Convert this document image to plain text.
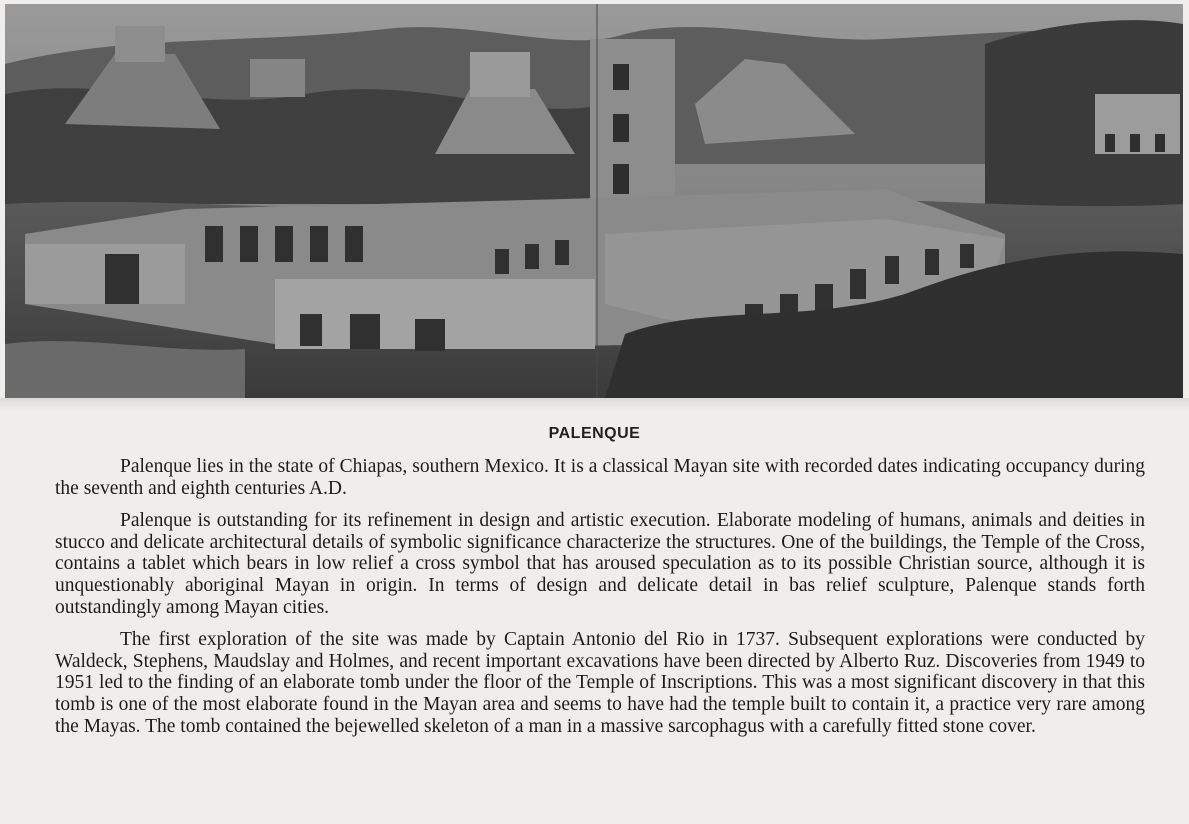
PALENQUE

Palenque lies in the state of Chiapas, southern Mexico. It is a classical Mayan site with recorded dates indicating occupancy during the seventh and eighth centuries A.D.

Palenque is outstanding for its refinement in design and artistic execution. Elaborate modeling of humans, animals and deities in stucco and delicate architectural details of symbolic significance characterize the structures. One of the buildings, the Temple of the Cross, contains a tablet which bears in low relief a cross symbol that has aroused speculation as to its possible Christian source, although it is unquestionably aboriginal Mayan in origin. In terms of design and delicate detail in bas relief sculpture, Palenque stands forth outstandingly among Mayan cities.

The first exploration of the site was made by Captain Antonio del Rio in 1737. Subsequent explorations were conducted by Waldeck, Stephens, Maudslay and Holmes, and recent important excavations have been directed by Alberto Ruz. Discoveries from 1949 to 1951 led to the finding of an elaborate tomb under the floor of the Temple of Inscriptions. This was a most significant discovery in that this tomb is one of the most elaborate found in the Mayan area and seems to have had the temple built to contain it, a practice very rare among the Mayas. The tomb contained the bejewelled skeleton of a man in a massive sarcophagus with a carefully fitted stone cover.
